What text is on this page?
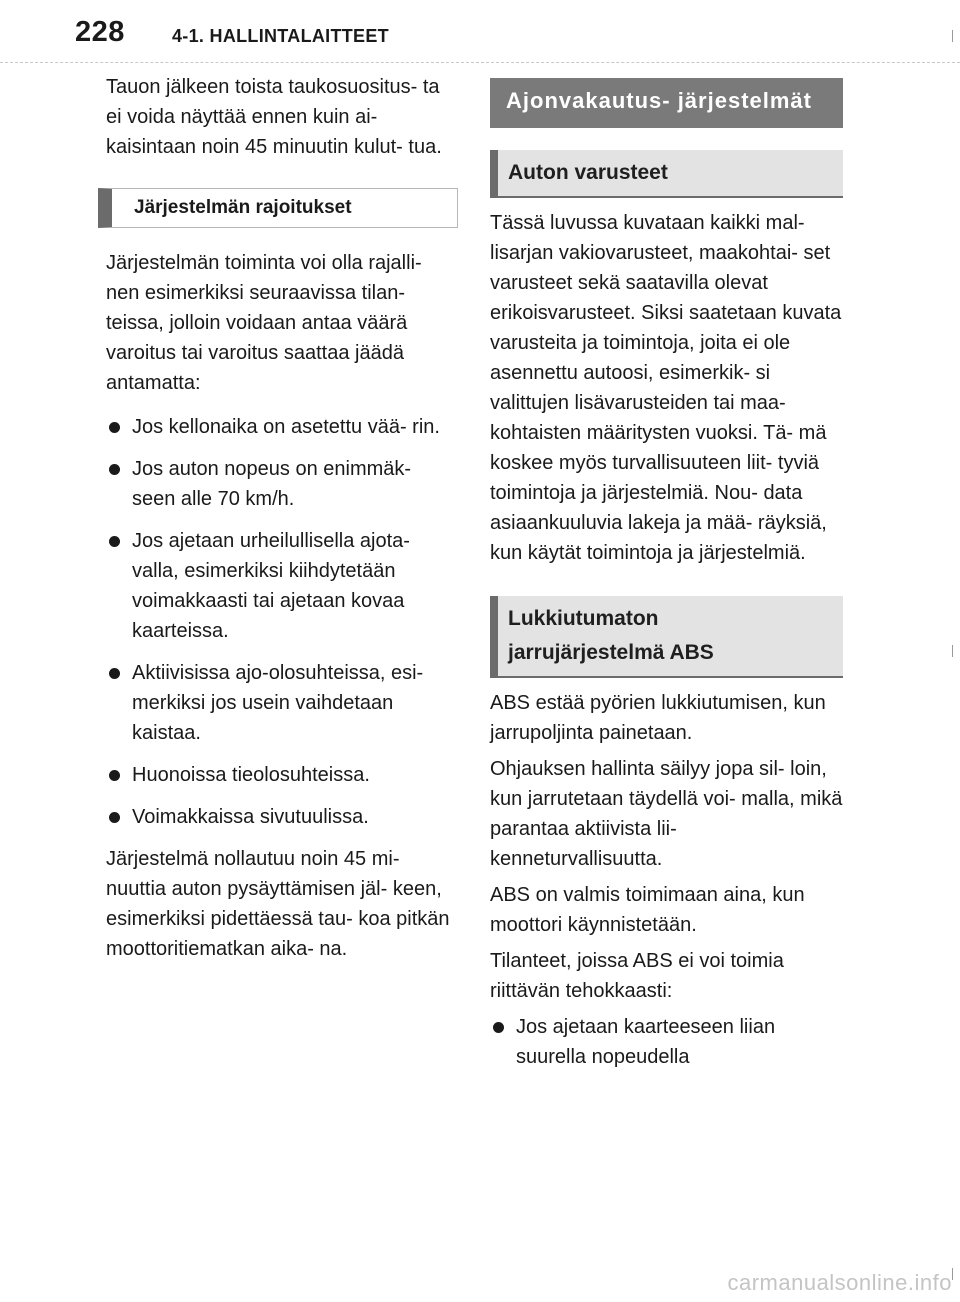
228	4-1. HALLINTALAITTEET

Tauon jälkeen toista taukosuositus- ta ei voida näyttää ennen kuin ai- kaisintaan noin 45 minuutin kulut- tua.

Järjestelmän rajoitukset

Järjestelmän toiminta voi olla rajalli- nen esimerkiksi seuraavissa tilan- teissa, jolloin voidaan antaa väärä varoitus tai varoitus saattaa jäädä antamatta:

Jos kellonaika on asetettu vää- rin.
Jos auton nopeus on enimmäk- seen alle 70 km/h.
Jos ajetaan urheilullisella ajota- valla, esimerkiksi kiihdytetään voimakkaasti tai ajetaan kovaa kaarteissa.
Aktiivisissa ajo-olosuhteissa, esi- merkiksi jos usein vaihdetaan kaistaa.
Huonoissa tieolosuhteissa.
Voimakkaissa sivutuulissa.

Järjestelmä nollautuu noin 45 mi- nuuttia auton pysäyttämisen jäl- keen, esimerkiksi pidettäessä tau- koa pitkän moottoritiematkan aika- na.

Ajonvakautus- järjestelmät
Auton varusteet

Tässä luvussa kuvataan kaikki mal- lisarjan vakiovarusteet, maakohtai- set varusteet sekä saatavilla olevat erikoisvarusteet. Siksi saatetaan kuvata varusteita ja toimintoja, joita ei ole asennettu autoosi, esimerkik- si valittujen lisävarusteiden tai maa- kohtaisten määritysten vuoksi. Tä- mä koskee myös turvallisuuteen liit- tyviä toimintoja ja järjestelmiä. Nou- data asiaankuuluvia lakeja ja mää- räyksiä, kun käytät toimintoja ja järjestelmiä.

Lukkiutumaton
jarrujärjestelmä ABS

ABS estää pyörien lukkiutumisen, kun jarrupoljinta painetaan.

Ohjauksen hallinta säilyy jopa sil- loin, kun jarrutetaan täydellä voi- malla, mikä parantaa aktiivista lii- kenneturvallisuutta.

ABS on valmis toimimaan aina, kun moottori käynnistetään.

Tilanteet, joissa ABS ei voi toimia riittävän tehokkaasti:

Jos ajetaan kaarteeseen liian suurella nopeudella
carmanualsonline.info
